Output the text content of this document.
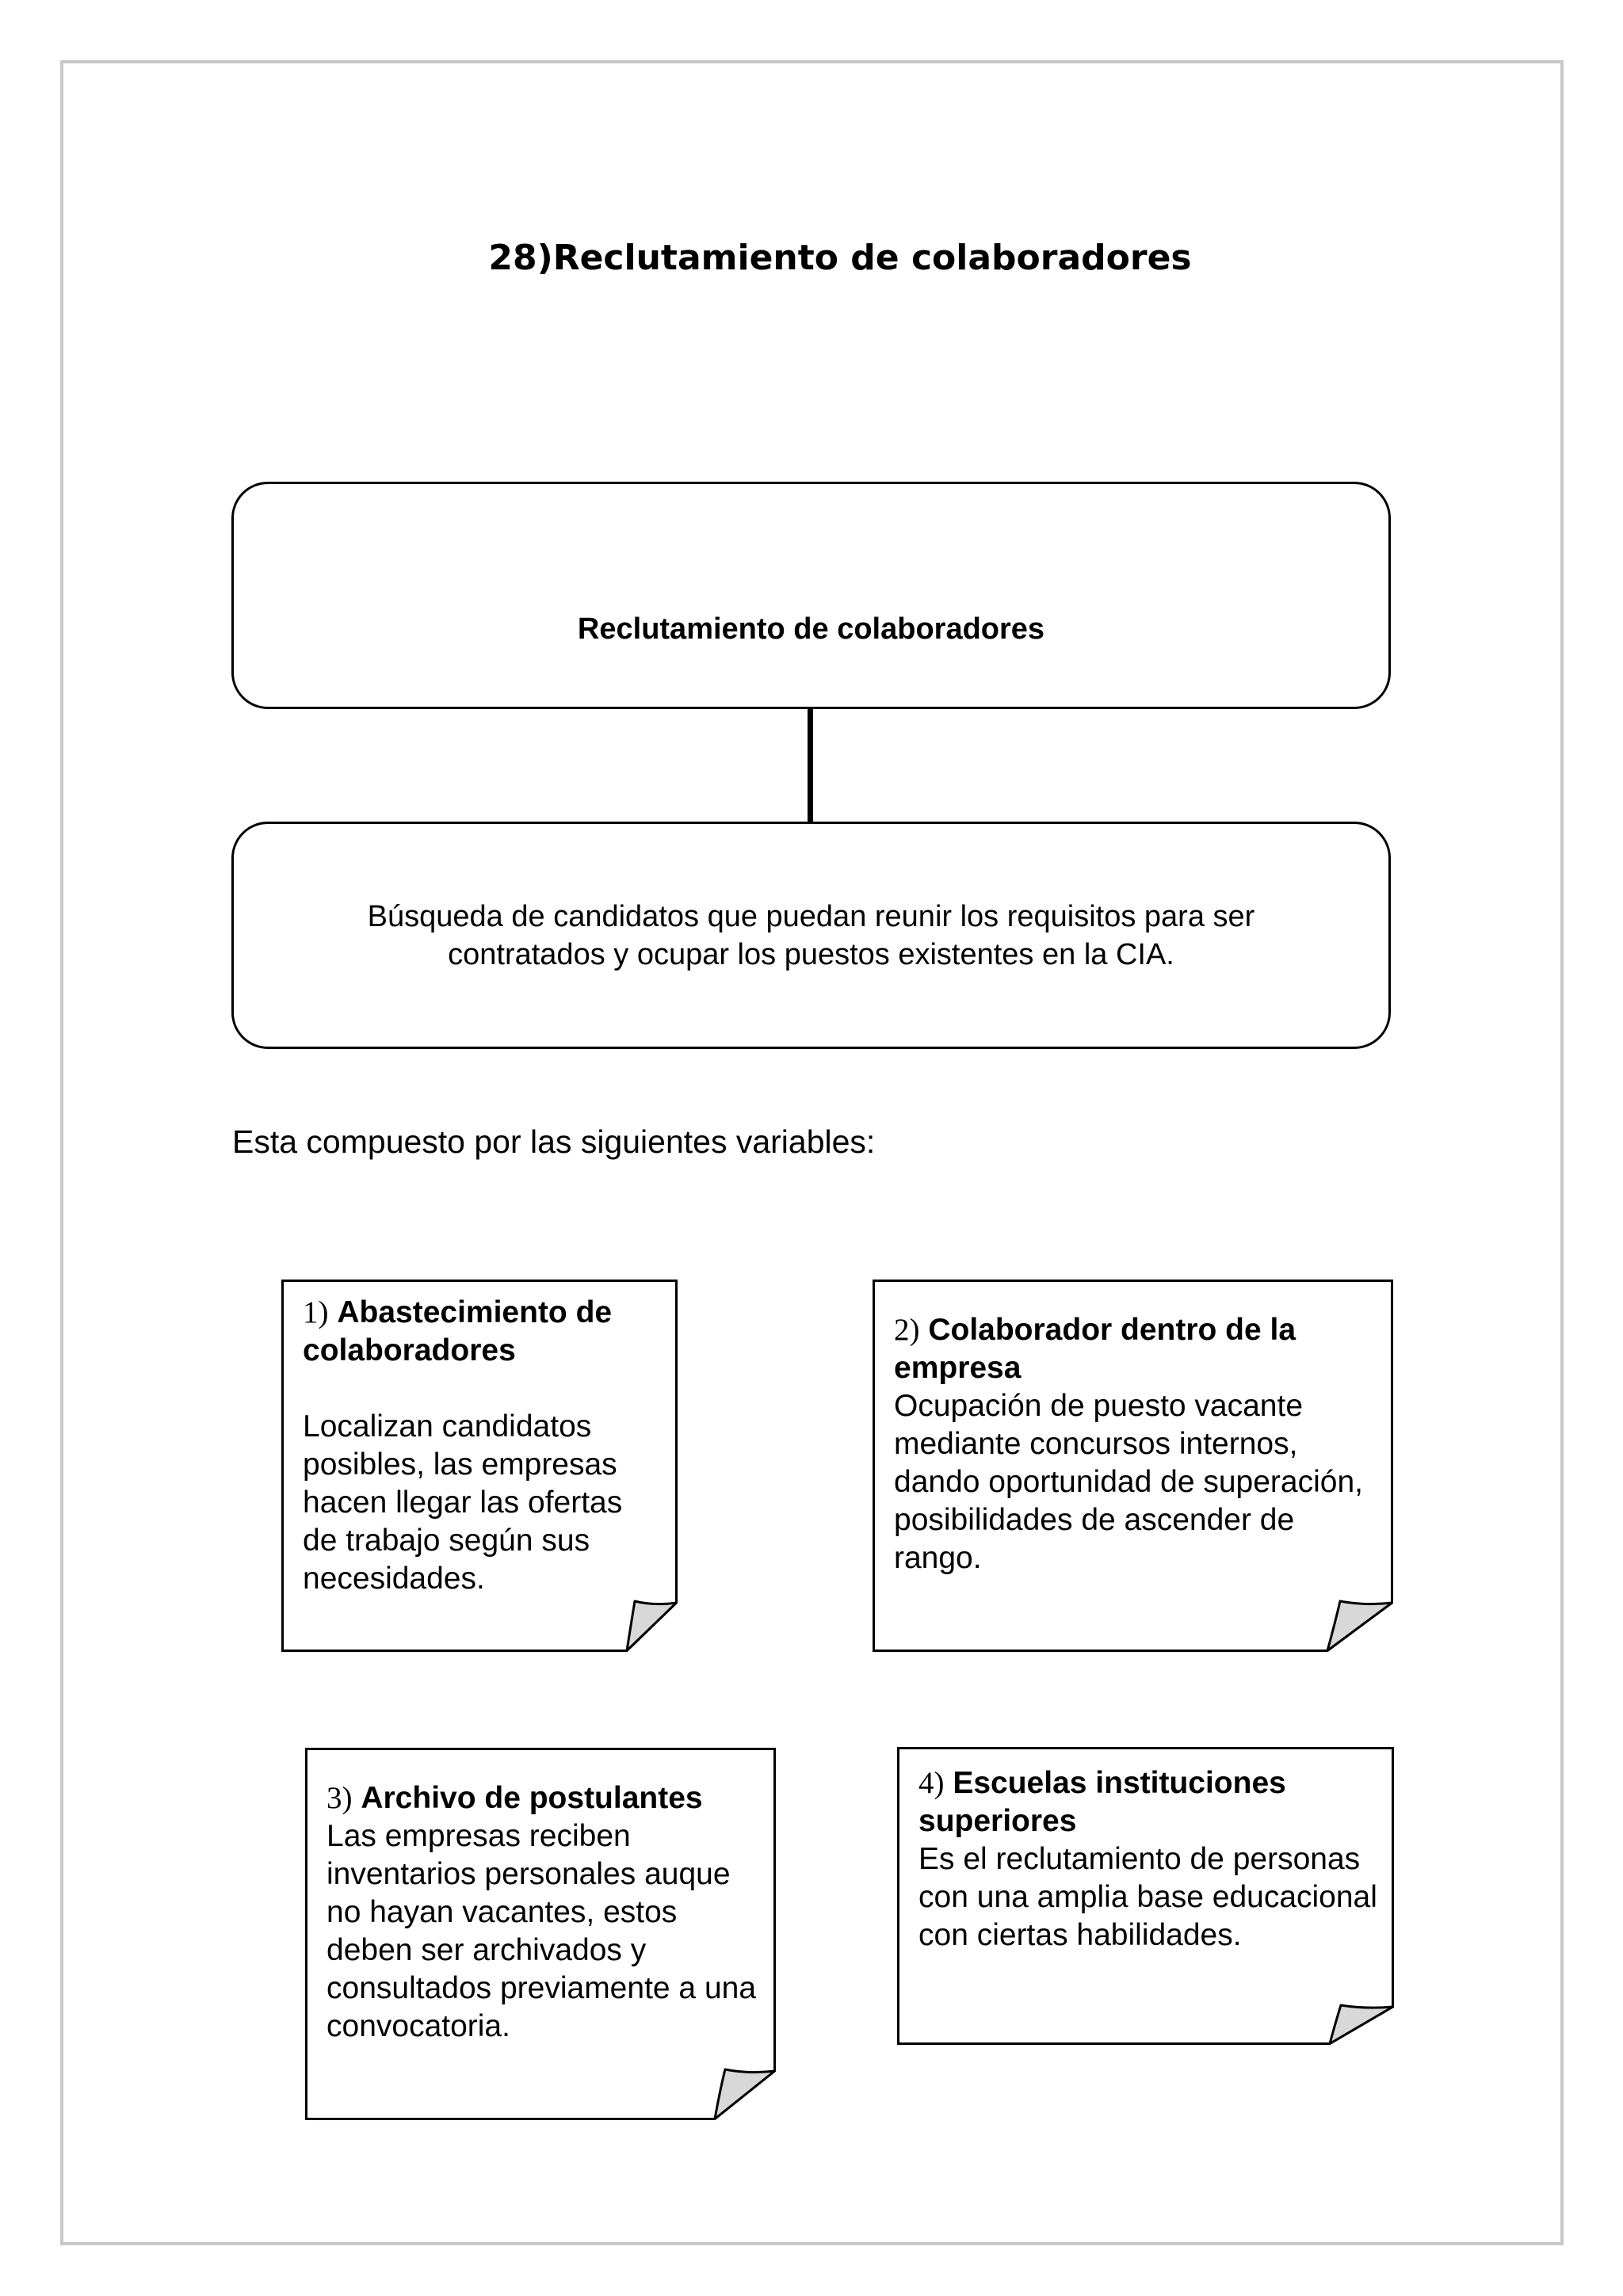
28)Reclutamiento de colaboradores
Reclutamiento de colaboradores
Búsqueda de candidatos que puedan reunir los requisitos para ser contratados y ocupar los puestos existentes en la CIA.
Esta compuesto por las siguientes variables:
1) Abastecimiento de colaboradores
Localizan candidatos posibles, las empresas hacen llegar las ofertas de trabajo según sus necesidades.
2) Colaborador dentro de la empresa
Ocupación de puesto vacante mediante concursos internos, dando oportunidad de superación, posibilidades de ascender de rango.
3) Archivo de postulantes
Las empresas reciben inventarios personales auque no hayan vacantes, estos deben ser archivados y consultados previamente a una convocatoria.
4) Escuelas instituciones superiores
Es el reclutamiento de personas con una amplia base educacional con ciertas habilidades.
